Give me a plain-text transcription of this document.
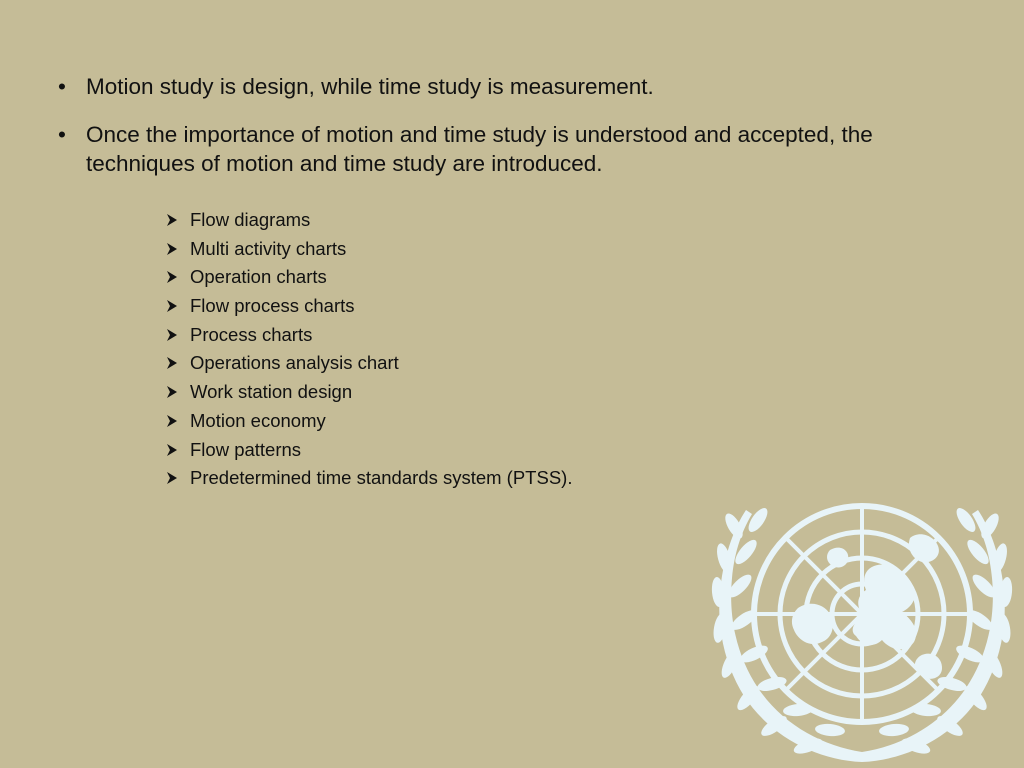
• Motion study is design, while time study is measurement.
• Once the importance of motion and time study is understood and accepted, the techniques of motion and time study are introduced.
Flow diagrams
Multi activity charts
Operation charts
Flow process charts
Process charts
Operations analysis chart
Work station design
Motion economy
Flow patterns
Predetermined time standards system (PTSS).
